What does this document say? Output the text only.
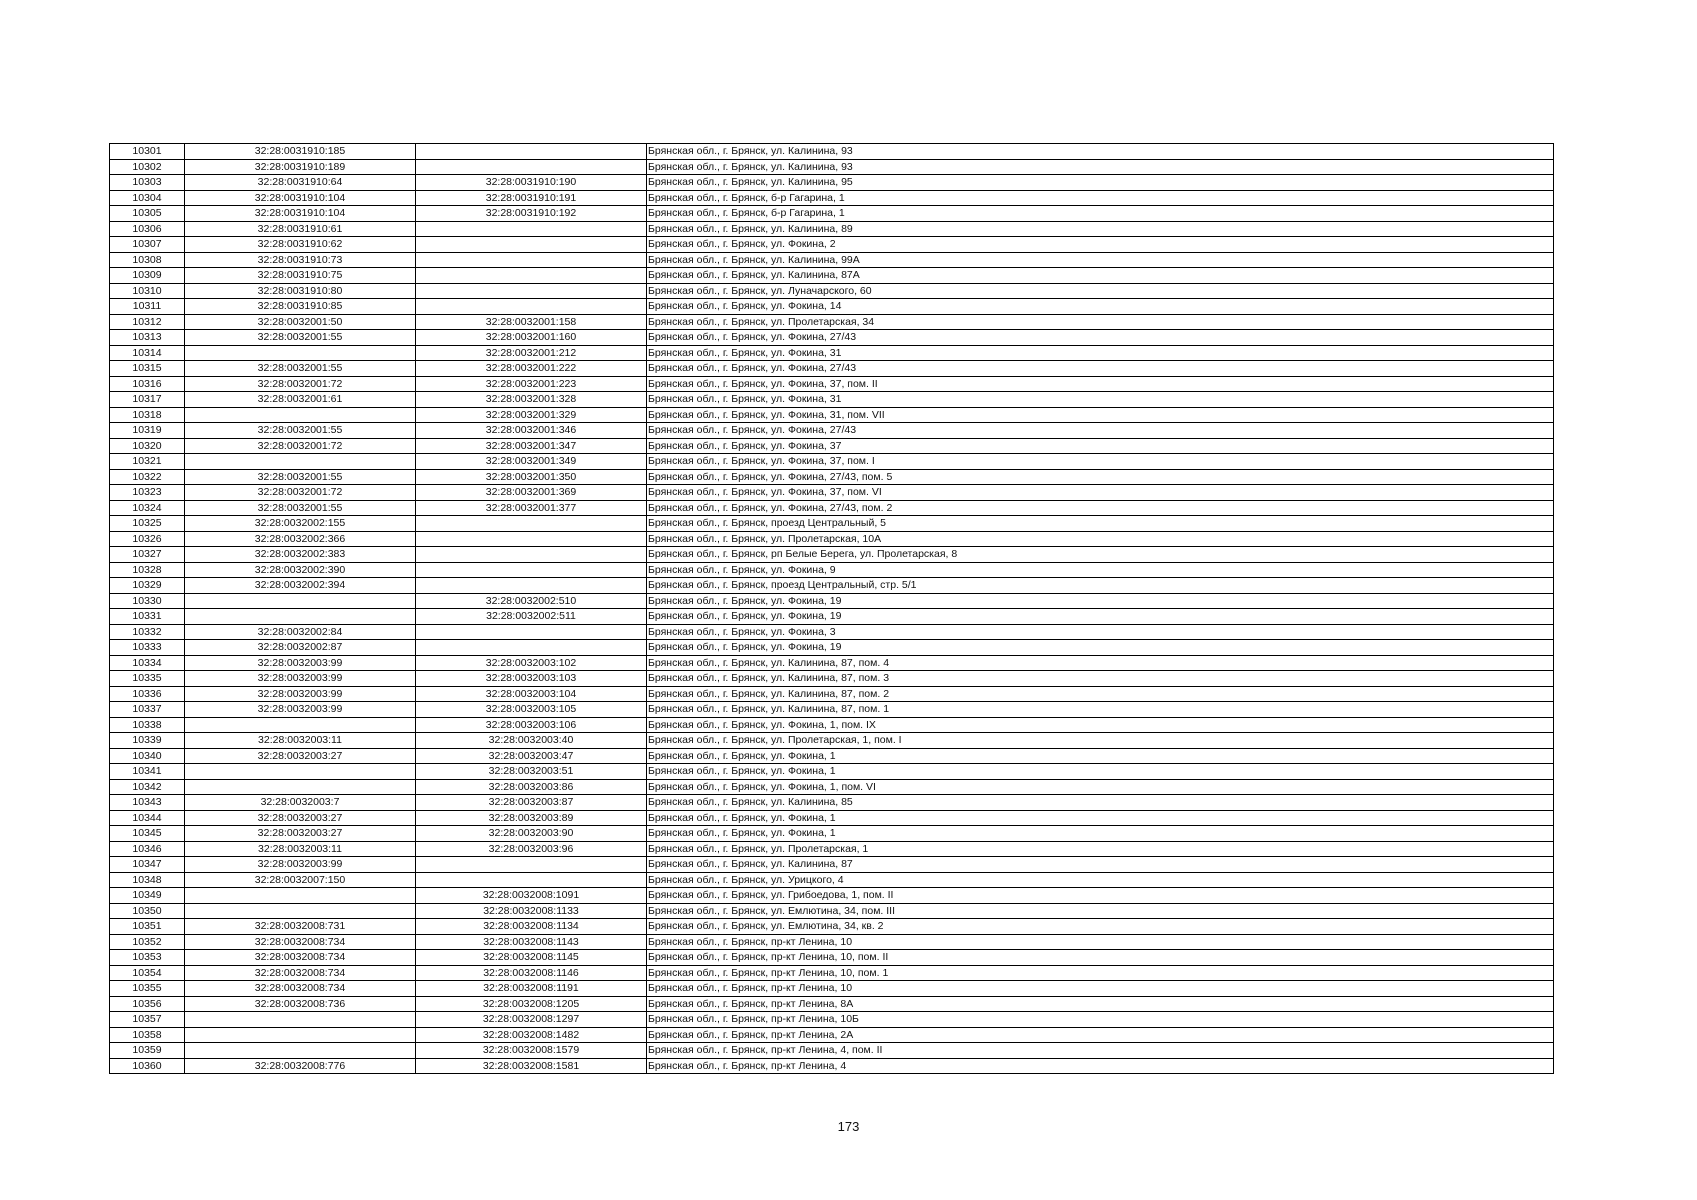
10301	32:28:0031910:185		Брянская обл., г. Брянск, ул. Калинина, 93
10302	32:28:0031910:189		Брянская обл., г. Брянск, ул. Калинина, 93
10303	32:28:0031910:64	32:28:0031910:190	Брянская обл., г. Брянск, ул. Калинина, 95
10304	32:28:0031910:104	32:28:0031910:191	Брянская обл., г. Брянск, б-р Гагарина, 1
10305	32:28:0031910:104	32:28:0031910:192	Брянская обл., г. Брянск, б-р Гагарина, 1
10306	32:28:0031910:61		Брянская обл., г. Брянск, ул. Калинина, 89
10307	32:28:0031910:62		Брянская обл., г. Брянск, ул. Фокина, 2
10308	32:28:0031910:73		Брянская обл., г. Брянск, ул. Калинина, 99А
10309	32:28:0031910:75		Брянская обл., г. Брянск, ул. Калинина, 87А
10310	32:28:0031910:80		Брянская обл., г. Брянск, ул. Луначарского, 60
10311	32:28:0031910:85		Брянская обл., г. Брянск, ул. Фокина, 14
10312	32:28:0032001:50	32:28:0032001:158	Брянская обл., г. Брянск, ул. Пролетарская, 34
10313	32:28:0032001:55	32:28:0032001:160	Брянская обл., г. Брянск, ул. Фокина, 27/43
10314		32:28:0032001:212	Брянская обл., г. Брянск, ул. Фокина, 31
10315	32:28:0032001:55	32:28:0032001:222	Брянская обл., г. Брянск, ул. Фокина, 27/43
10316	32:28:0032001:72	32:28:0032001:223	Брянская обл., г. Брянск, ул. Фокина, 37, пом. II
10317	32:28:0032001:61	32:28:0032001:328	Брянская обл., г. Брянск, ул. Фокина, 31
10318		32:28:0032001:329	Брянская обл., г. Брянск, ул. Фокина, 31, пом. VII
10319	32:28:0032001:55	32:28:0032001:346	Брянская обл., г. Брянск, ул. Фокина, 27/43
10320	32:28:0032001:72	32:28:0032001:347	Брянская обл., г. Брянск, ул. Фокина, 37
10321		32:28:0032001:349	Брянская обл., г. Брянск, ул. Фокина, 37, пом. I
10322	32:28:0032001:55	32:28:0032001:350	Брянская обл., г. Брянск, ул. Фокина, 27/43, пом. 5
10323	32:28:0032001:72	32:28:0032001:369	Брянская обл., г. Брянск, ул. Фокина, 37, пом. VI
10324	32:28:0032001:55	32:28:0032001:377	Брянская обл., г. Брянск, ул. Фокина, 27/43, пом. 2
10325	32:28:0032002:155		Брянская обл., г. Брянск, проезд Центральный, 5
10326	32:28:0032002:366		Брянская обл., г. Брянск, ул. Пролетарская, 10А
10327	32:28:0032002:383		Брянская обл., г. Брянск, рп Белые Берега, ул. Пролетарская, 8
10328	32:28:0032002:390		Брянская обл., г. Брянск, ул. Фокина, 9
10329	32:28:0032002:394		Брянская обл., г. Брянск, проезд Центральный, стр. 5/1
10330		32:28:0032002:510	Брянская обл., г. Брянск, ул. Фокина, 19
10331		32:28:0032002:511	Брянская обл., г. Брянск, ул. Фокина, 19
10332	32:28:0032002:84		Брянская обл., г. Брянск, ул. Фокина, 3
10333	32:28:0032002:87		Брянская обл., г. Брянск, ул. Фокина, 19
10334	32:28:0032003:99	32:28:0032003:102	Брянская обл., г. Брянск, ул. Калинина, 87, пом. 4
10335	32:28:0032003:99	32:28:0032003:103	Брянская обл., г. Брянск, ул. Калинина, 87, пом. 3
10336	32:28:0032003:99	32:28:0032003:104	Брянская обл., г. Брянск, ул. Калинина, 87, пом. 2
10337	32:28:0032003:99	32:28:0032003:105	Брянская обл., г. Брянск, ул. Калинина, 87, пом. 1
10338		32:28:0032003:106	Брянская обл., г. Брянск, ул. Фокина, 1, пом. IX
10339	32:28:0032003:11	32:28:0032003:40	Брянская обл., г. Брянск, ул. Пролетарская, 1, пом. I
10340	32:28:0032003:27	32:28:0032003:47	Брянская обл., г. Брянск, ул. Фокина, 1
10341		32:28:0032003:51	Брянская обл., г. Брянск, ул. Фокина, 1
10342		32:28:0032003:86	Брянская обл., г. Брянск, ул. Фокина, 1, пом. VI
10343	32:28:0032003:7	32:28:0032003:87	Брянская обл., г. Брянск, ул. Калинина, 85
10344	32:28:0032003:27	32:28:0032003:89	Брянская обл., г. Брянск, ул. Фокина, 1
10345	32:28:0032003:27	32:28:0032003:90	Брянская обл., г. Брянск, ул. Фокина, 1
10346	32:28:0032003:11	32:28:0032003:96	Брянская обл., г. Брянск, ул. Пролетарская, 1
10347	32:28:0032003:99		Брянская обл., г. Брянск, ул. Калинина, 87
10348	32:28:0032007:150		Брянская обл., г. Брянск, ул. Урицкого, 4
10349		32:28:0032008:1091	Брянская обл., г. Брянск, ул. Грибоедова, 1, пом. II
10350		32:28:0032008:1133	Брянская обл., г. Брянск, ул. Емлютина, 34, пом. III
10351	32:28:0032008:731	32:28:0032008:1134	Брянская обл., г. Брянск, ул. Емлютина, 34, кв. 2
10352	32:28:0032008:734	32:28:0032008:1143	Брянская обл., г. Брянск, пр-кт Ленина, 10
10353	32:28:0032008:734	32:28:0032008:1145	Брянская обл., г. Брянск, пр-кт Ленина, 10, пом. II
10354	32:28:0032008:734	32:28:0032008:1146	Брянская обл., г. Брянск, пр-кт Ленина, 10, пом. 1
10355	32:28:0032008:734	32:28:0032008:1191	Брянская обл., г. Брянск, пр-кт Ленина, 10
10356	32:28:0032008:736	32:28:0032008:1205	Брянская обл., г. Брянск, пр-кт Ленина, 8А
10357		32:28:0032008:1297	Брянская обл., г. Брянск, пр-кт Ленина, 10Б
10358		32:28:0032008:1482	Брянская обл., г. Брянск, пр-кт Ленина, 2А
10359		32:28:0032008:1579	Брянская обл., г. Брянск, пр-кт Ленина, 4, пом. II
10360	32:28:0032008:776	32:28:0032008:1581	Брянская обл., г. Брянск, пр-кт Ленина, 4
173
